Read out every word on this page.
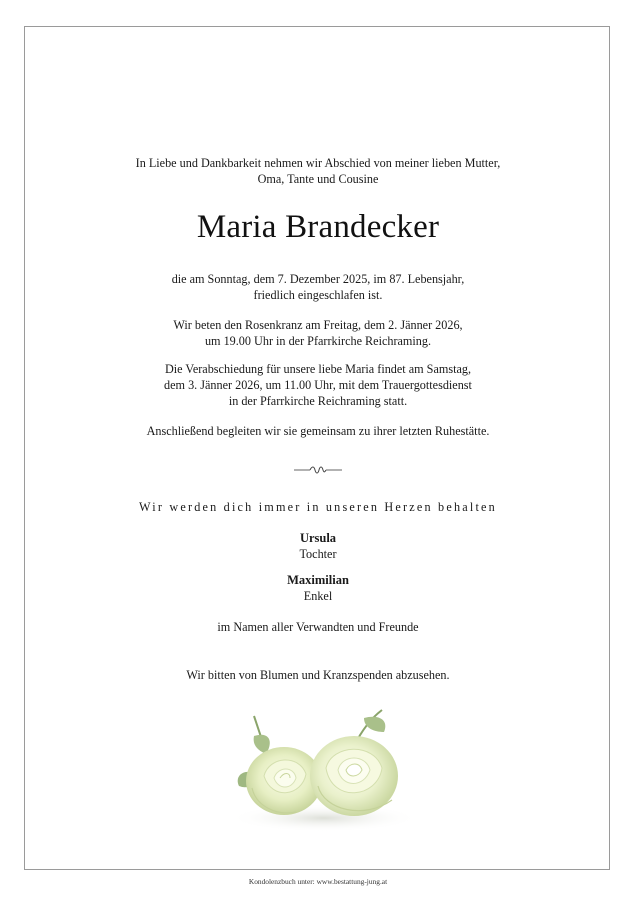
In Liebe und Dankbarkeit nehmen wir Abschied von meiner lieben Mutter,
Oma, Tante und Cousine
Maria Brandecker
die am Sonntag, dem 7. Dezember 2025, im 87. Lebensjahr,
friedlich eingeschlafen ist.
Wir beten den Rosenkranz am Freitag, dem 2. Jänner 2026,
um 19.00 Uhr in der Pfarrkirche Reichraming.
Die Verabschiedung für unsere liebe Maria findet am Samstag,
dem 3. Jänner 2026, um 11.00 Uhr, mit dem Trauergottesdienst
in der Pfarrkirche Reichraming statt.
Anschließend begleiten wir sie gemeinsam zu ihrer letzten Ruhestätte.
Wir werden dich immer in unseren Herzen behalten
Ursula
Tochter
Maximilian
Enkel
im Namen aller Verwandten und Freunde
Wir bitten von Blumen und Kranzspenden abzusehen.
Kondolenzbuch unter: www.bestattung-jung.at
